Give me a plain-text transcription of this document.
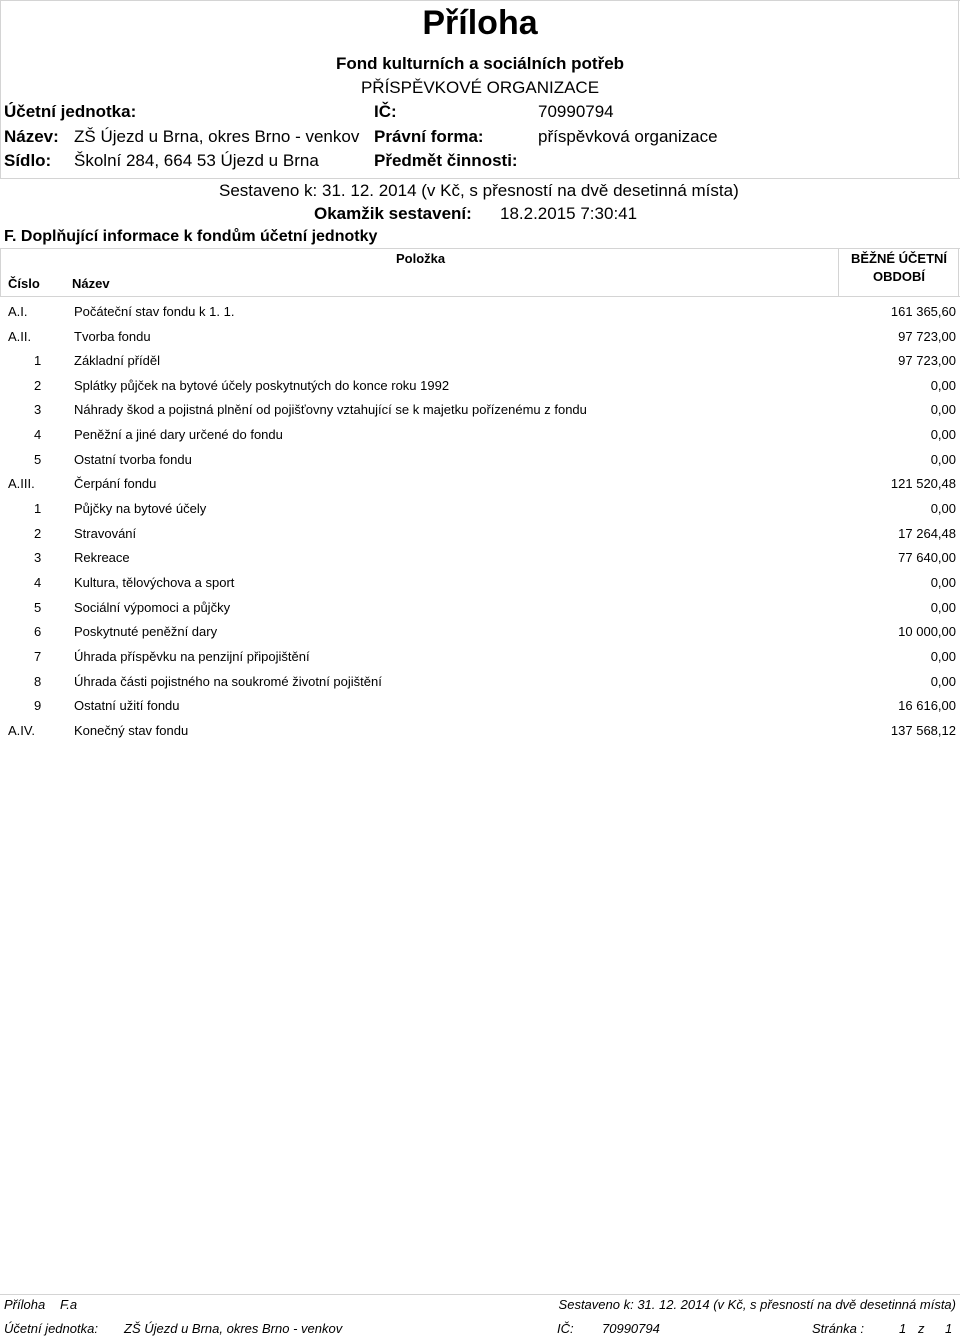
Příloha
Fond kulturních a sociálních potřeb
PŘÍSPĚVKOVÉ ORGANIZACE
Účetní jednotka:	IČ:	70990794
Název: ZŠ Újezd u Brna, okres Brno - venkov Právní forma:	příspěvková organizace
Sídlo: Školní 284, 664 53 Újezd u Brna	Předmět činnosti:
Sestaveno k: 31. 12. 2014 (v Kč, s přesností na dvě desetinná místa)
Okamžik sestavení: 18.2.2015 7:30:41
F. Doplňující informace k fondům účetní jednotky
Položka
Číslo Název
BĚŽNÉ ÚČETNÍ
OBDOBÍ
A.I.	Počáteční stav fondu k 1. 1.	161 365,60
A.II.	Tvorba fondu	97 723,00
1	Základní příděl	97 723,00
2	Splátky půjček na bytové účely poskytnutých do konce roku 1992	0,00
3	Náhrady škod a pojistná plnění od pojišťovny vztahující se k majetku pořízenému z fondu	0,00
4	Peněžní a jiné dary určené do fondu	0,00
5	Ostatní tvorba fondu	0,00
A.III.	Čerpání fondu	121 520,48
1	Půjčky na bytové účely	0,00
2	Stravování	17 264,48
3	Rekreace	77 640,00
4	Kultura, tělovýchova a sport	0,00
5	Sociální výpomoci a půjčky	0,00
6	Poskytnuté peněžní dary	10 000,00
7	Úhrada příspěvku na penzijní připojištění	0,00
8	Úhrada části pojistného na soukromé životní pojištění	0,00
9	Ostatní užití fondu	16 616,00
A.IV.	Konečný stav fondu	137 568,12
Příloha F.a	Sestaveno k: 31. 12. 2014 (v Kč, s přesností na dvě desetinná místa)
Účetní jednotka: ZŠ Újezd u Brna, okres Brno - venkov	IČ: 70990794	Stránka :	1 z 1
